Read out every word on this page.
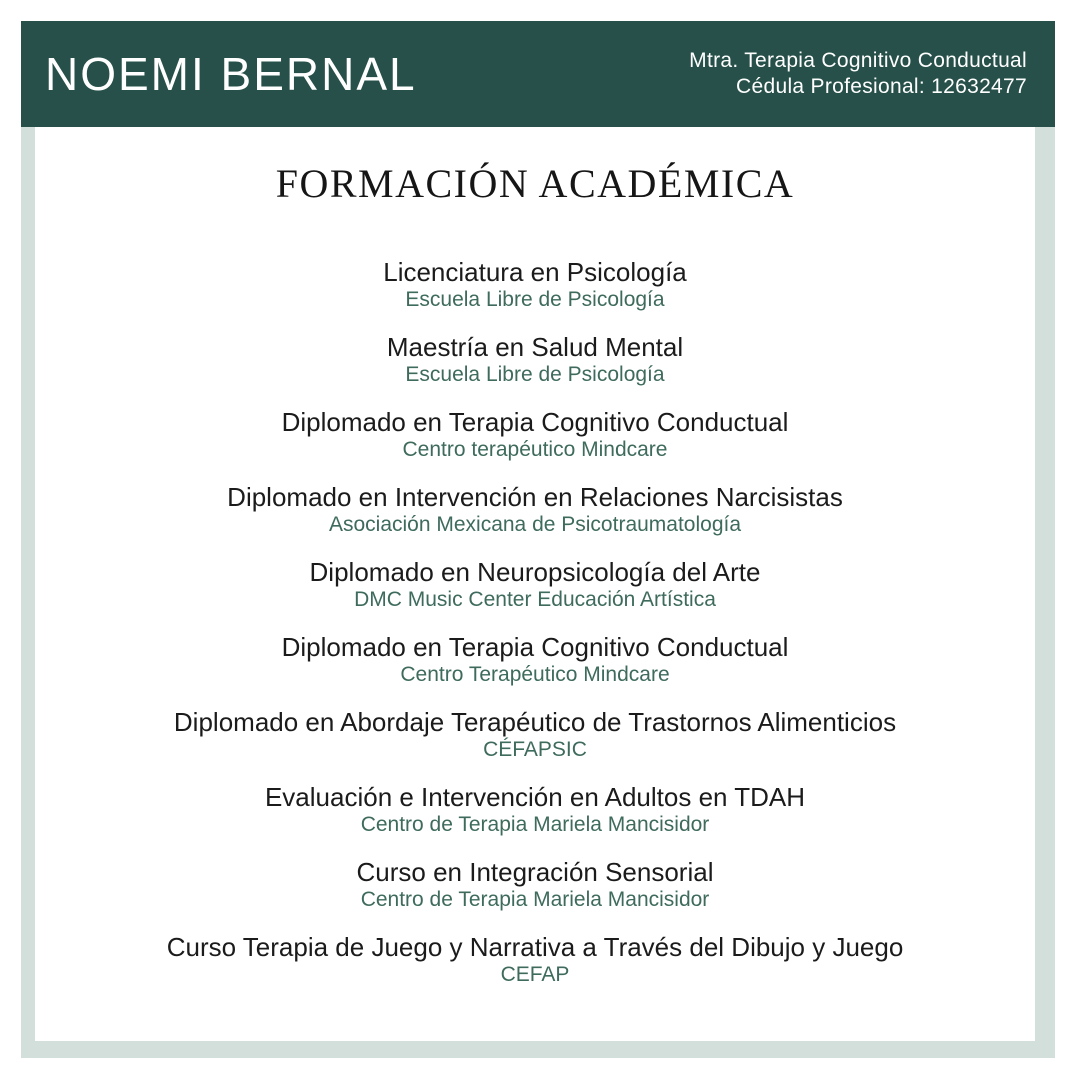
NOEMI BERNAL	Mtra. Terapia Cognitivo Conductual
Cédula Profesional: 12632477
FORMACIÓN ACADÉMICA
Licenciatura en Psicología
Escuela Libre de Psicología
Maestría en Salud Mental
Escuela Libre de Psicología
Diplomado en Terapia Cognitivo Conductual
Centro terapéutico Mindcare
Diplomado en Intervención en Relaciones Narcisistas
Asociación Mexicana de Psicotraumatología
Diplomado en Neuropsicología del Arte
DMC Music Center Educación Artística
Diplomado en Terapia Cognitivo Conductual
Centro Terapéutico Mindcare
Diplomado en Abordaje Terapéutico de Trastornos Alimenticios
CÉFAPSIC
Evaluación e Intervención en Adultos en TDAH
Centro de Terapia Mariela Mancisidor
Curso en Integración Sensorial
Centro de Terapia Mariela Mancisidor
Curso Terapia de Juego y Narrativa a Través del Dibujo y Juego
CEFAP
